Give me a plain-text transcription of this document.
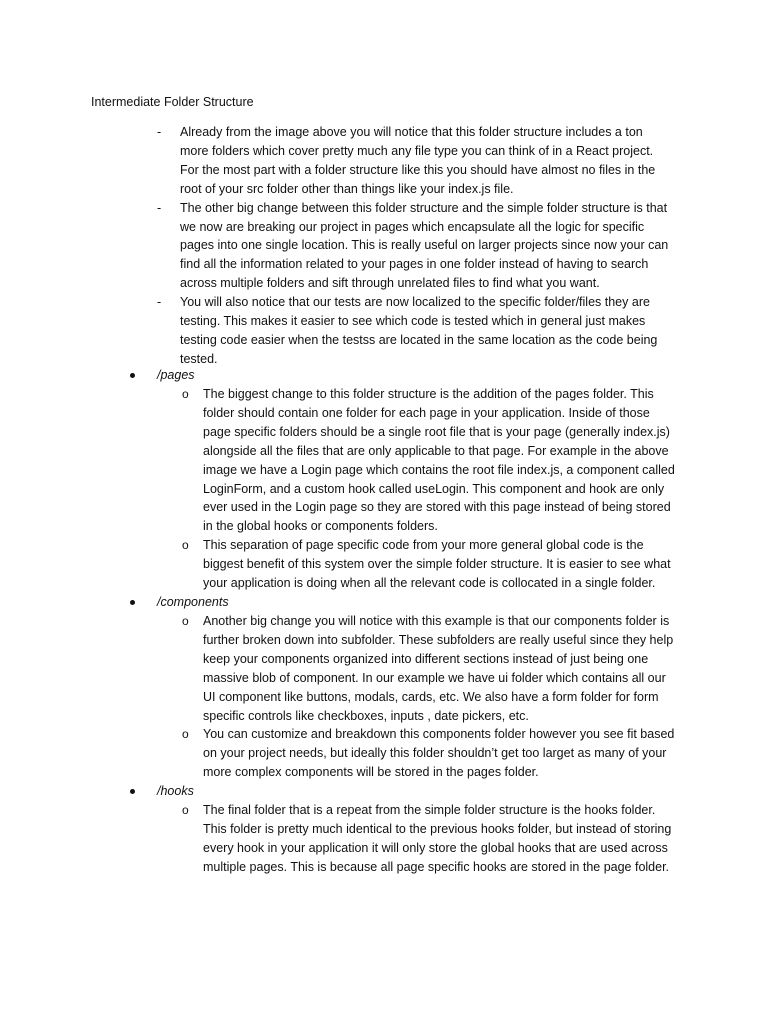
Intermediate Folder Structure
- Already from the image above you will notice that this folder structure includes a ton more folders which cover pretty much any file type you can think of in a React project. For the most part with a folder structure like this you should have almost no files in the root of your src folder other than things like your index.js file.
- The other big change between this folder structure and the simple folder structure is that we now are breaking our project in pages which encapsulate all the logic for specific pages into one single location. This is really useful on larger projects since now your can find all the information related to your pages in one folder instead of having to search across multiple folders and sift through unrelated files to find what you want.
- You will also notice that our tests are now localized to the specific folder/files they are testing. This makes it easier to see which code is tested which in general just makes testing code easier when the testss are located in the same location as the code being tested.
/pages
o The biggest change to this folder structure is the addition of the pages folder. This folder should contain one folder for each page in your application. Inside of those page specific folders should be a single root file that is your page (generally index.js) alongside all the files that are only applicable to that page. For example in the above image we have a Login page which contains the root file index.js, a component called LoginForm, and a custom hook called useLogin. This component and hook are only ever used in the Login page so they are stored with this page instead of being stored in the global hooks or components folders.
o This separation of page specific code from your more general global code is the biggest benefit of this system over the simple folder structure. It is easier to see what your application is doing when all the relevant code is collocated in a single folder.
/components
o Another big change you will notice with this example is that our components folder is further broken down into subfolder. These subfolders are really useful since they help keep your components organized into different sections instead of just being one massive blob of component. In our example we have ui folder which contains all our UI component like buttons, modals, cards, etc. We also have a form folder for form specific controls like checkboxes, inputs , date pickers, etc.
o You can customize and breakdown this components folder however you see fit based on your project needs, but ideally this folder shouldn’t get too larget as many of your more complex components will be stored in the pages folder.
/hooks
o The final folder that is a repeat from the simple folder structure is the hooks folder. This folder is pretty much identical to the previous hooks folder, but instead of storing every hook in your application it will only store the global hooks that are used across multiple pages. This is because all page specific hooks are stored in the page folder.
